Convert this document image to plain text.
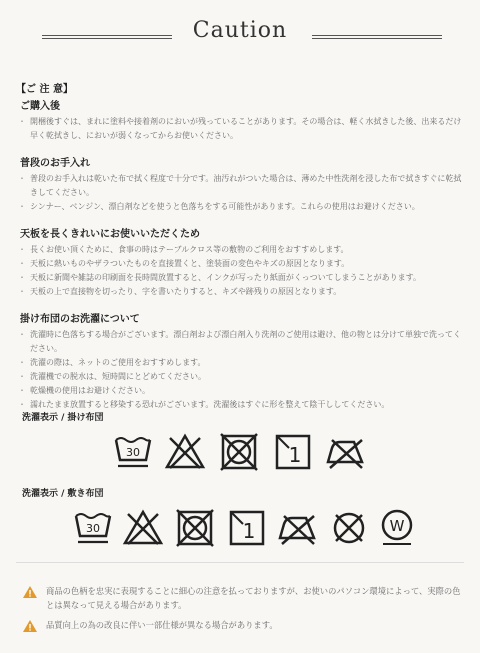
Caution
【ご 注 意】
ご購入後
・ 開梱後すぐは、まれに塗料や接着剤のにおいが残っていることがあります。その場合は、軽く水拭きした後、出来るだけ早く乾拭きし、においが弱くなってからお使いください。
普段のお手入れ
・ 普段のお手入れは乾いた布で拭く程度で十分です。油汚れがついた場合は、薄めた中性洗剤を浸した布で拭きすぐに乾拭きしてください。
・ シンナー、ベンジン、漂白剤などを使うと色落ちをする可能性があります。これらの使用はお避けください。
天板を長くきれいにお使いいただくため
・ 長くお使い頂くために、食事の時はテーブルクロス等の敷物のご利用をおすすめします。
・ 天板に熱いものやザラついたものを直接置くと、塗装面の変色やキズの原因となります。
・ 天板に新聞や雑誌の印刷面を長時間放置すると、インクが写ったり紙面がくっついてしまうことがあります。
・ 天板の上で直接物を切ったり、字を書いたりすると、キズや跡残りの原因となります。
掛け布団のお洗濯について
・ 洗濯時に色落ちする場合がございます。漂白剤および漂白剤入り洗剤のご使用は避け、他の物とは分けて単独で洗ってください。
・ 洗濯の際は、ネットのご使用をおすすめします。
・ 洗濯機での脱水は、短時間にとどめてください。
・ 乾燥機の使用はお避けください。
・ 濡れたまま放置すると移染する恐れがございます。洗濯後はすぐに形を整えて陰干ししてください。
洗濯表示 / 掛け布団
30	1
洗濯表示 / 敷き布団
30	1	W
商品の色柄を忠実に表現することに細心の注意を払っておりますが、お使いのパソコン環境によって、実際の色とは異なって見える場合があります。
品質向上の為の改良に伴い一部仕様が異なる場合があります。
